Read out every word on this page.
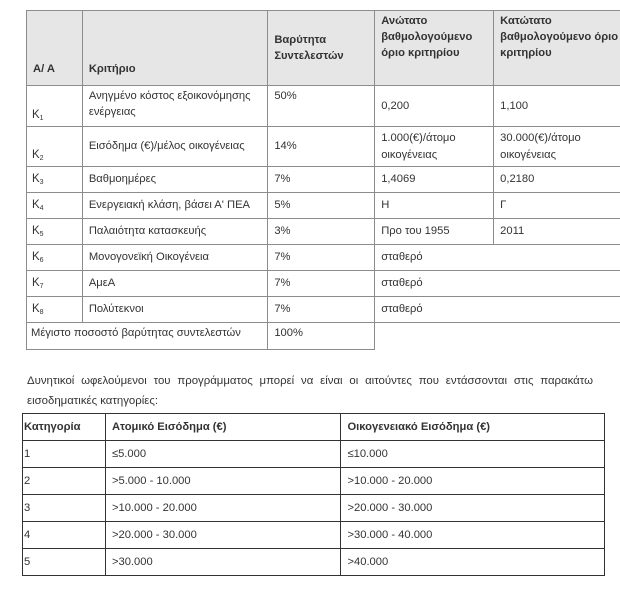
Α/ Α	Κριτήριο	Βαρύτητα Συντελεστών	Ανώτατο βαθμολογούμενο όριο κριτηρίου	Κατώτατο βαθμολογούμενο όριο κριτηρίου
$K_1$	Ανηγμένο κόστος εξοικονόμησης ενέργειας	50%	0,200	1,100
$K_2$	Εισόδημα (€)/μέλος οικογένειας	14%	1.000(€)/άτομο οικογένειας	30.000(€)/άτομο οικογένειας
$K_3$	Βαθμοημέρες	7%	1,4069	0,2180
$K_4$	Ενεργειακή κλάση, βάσει Α' ΠΕΑ	5%	Η	Γ
$K_5$	Παλαιότητα κατασκευής	3%	Προ του 1955	2011
$K_6$	Μονογονεϊκή Οικογένεια	7%	σταθερό	
$K_7$	ΑμεΑ	7%	σταθερό	
$K_8$	Πολύτεκνοι	7%	σταθερό	
Μέγιστο ποσοστό βαρύτητας συντελεστών		100%		

Δυνητικοί ωφελούμενοι του προγράμματος μπορεί να είναι οι αιτούντες που εντάσσονται στις παρακάτω εισοδηματικές κατηγορίες:

Κατηγορία	Ατομικό Εισόδημα (€)	Οικογενειακό Εισόδημα (€)
1	≤5.000	≤10.000
2	>5.000 - 10.000	>10.000 - 20.000
3	>10.000 - 20.000	>20.000 - 30.000
4	>20.000 - 30.000	>30.000 - 40.000
5	>30.000	>40.000
